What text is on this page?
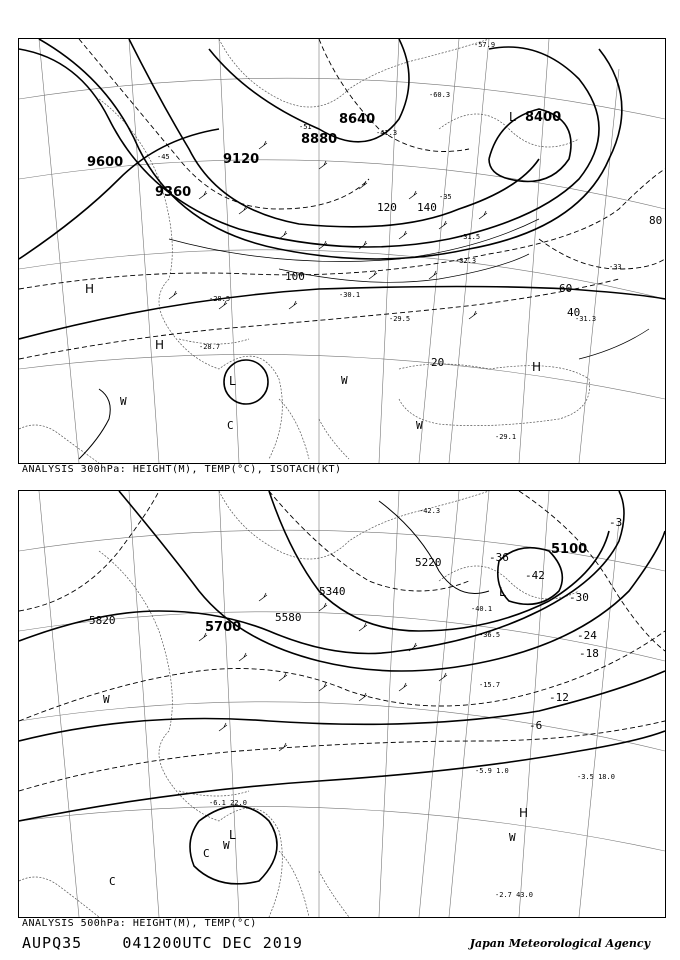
9600
9360
9120
8880
8640	8400
20
40
60
80
100
120 140
H
H
H
L
L
W
W
W
C
-41.3
-45
-51
-57.9
-60.3
-35
-31.5
-32.3
-30.1
-29.5
-28.5
-29.1
-31.3
-33
-28.7
ANALYSIS 300hPa: HEIGHT(M), TEMP(°C), ISOTACH(KT)
5820	5700
5580
5340
5220
5100
-3
-6
-12
-18
-24
-30
-36
-42
L
L
H
W
W
W
C
C
-3.5 18.0
-2.7 43.0
-5.9 1.0
-6.1 22.0
-15.7
-40.1
-36.5
-42.3
ANALYSIS 500hPa: HEIGHT(M), TEMP(°C)
AUPQ35	041200UTC DEC 2019	Japan Meteorological Agency
